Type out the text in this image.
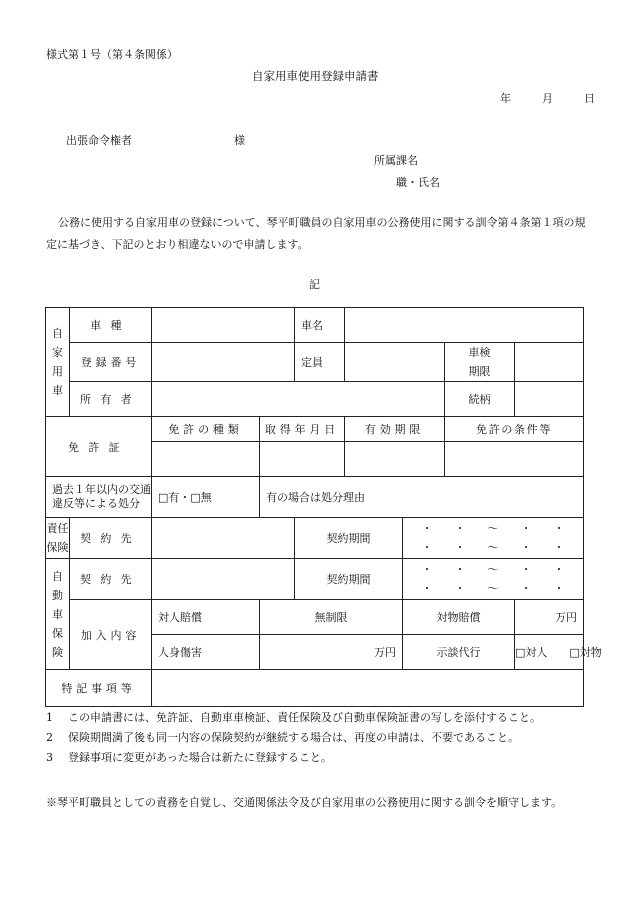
様式第１号（第４条関係）
自家用車使用登録申請書
年	月	日
出張命令権者	様
所属課名
職・氏名
公務に使用する自家用車の登録について、琴平町職員の自家用車の公務使用に関する訓令第４条第１項の規定に基づき、下記のとおり相違ないので申請します。
記
自
家
用
車	車種			車名				
	登録番号			定員			車検
期限	
	所有者						続柄	
免許証		免許の種類	取得年月日		有効期限		免許の条件等	

過去１年以内の交通違反等による処分		□有・□無	有の場合は処分理由					
責任
保険	契約先			契約期間		・　　・　　～　　・　　・
・　　・　　～　　・　　・		
自
動
車
保
険	契約先			契約期間		・　　・　　～　　・　　・
・　　・　　～　　・　　・		
	加入内容	対人賠償	無制限			対物賠償		万円
		人身傷害	万円			示談代行		□対人　　□対物
特記事項等								
1 この申請書には、免許証、自動車車検証、責任保険及び自動車保険証書の写しを添付すること。
2 保険期間満了後も同一内容の保険契約が継続する場合は、再度の申請は、不要であること。
3 登録事項に変更があった場合は新たに登録すること。
※琴平町職員としての責務を自覚し、交通関係法令及び自家用車の公務使用に関する訓令を順守します。
